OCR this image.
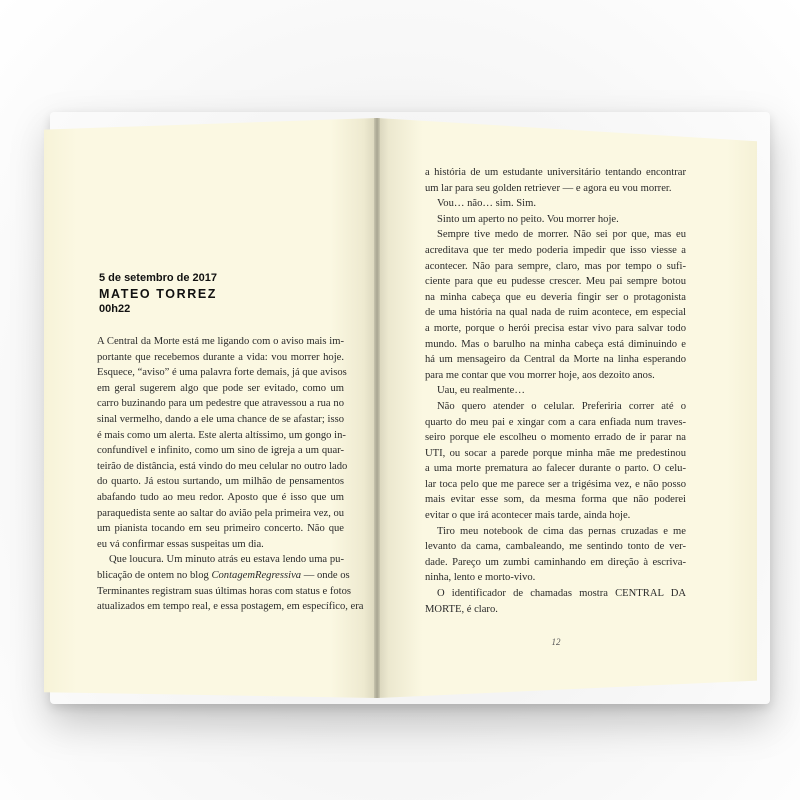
5 de setembro de 2017
MATEO TORREZ
00h22
A Central da Morte está me ligando com o aviso mais im-
portante que recebemos durante a vida: vou morrer hoje.
Esquece, “aviso” é uma palavra forte demais, já que avisos
em geral sugerem algo que pode ser evitado, como um
carro buzinando para um pedestre que atravessou a rua no
sinal vermelho, dando a ele uma chance de se afastar; isso
é mais como um alerta. Este alerta altíssimo, um gongo in-
confundível e infinito, como um sino de igreja a um quar-
teirão de distância, está vindo do meu celular no outro lado
do quarto. Já estou surtando, um milhão de pensamentos
abafando tudo ao meu redor. Aposto que é isso que um
paraquedista sente ao saltar do avião pela primeira vez, ou
um pianista tocando em seu primeiro concerto. Não que
eu vá confirmar essas suspeitas um dia.
Que loucura. Um minuto atrás eu estava lendo uma pu-
blicação de ontem no blog ContagemRegressiva — onde os
Terminantes registram suas últimas horas com status e fotos
atualizados em tempo real, e essa postagem, em específico, era
a história de um estudante universitário tentando encontrar
um lar para seu golden retriever — e agora eu vou morrer.
Vou… não… sim. Sim.
Sinto um aperto no peito. Vou morrer hoje.
Sempre tive medo de morrer. Não sei por que, mas eu
acreditava que ter medo poderia impedir que isso viesse a
acontecer. Não para sempre, claro, mas por tempo o sufi-
ciente para que eu pudesse crescer. Meu pai sempre botou
na minha cabeça que eu deveria fingir ser o protagonista
de uma história na qual nada de ruim acontece, em especial
a morte, porque o herói precisa estar vivo para salvar todo
mundo. Mas o barulho na minha cabeça está diminuindo e
há um mensageiro da Central da Morte na linha esperando
para me contar que vou morrer hoje, aos dezoito anos.
Uau, eu realmente…
Não quero atender o celular. Preferiria correr até o
quarto do meu pai e xingar com a cara enfiada num traves-
seiro porque ele escolheu o momento errado de ir parar na
UTI, ou socar a parede porque minha mãe me predestinou
a uma morte prematura ao falecer durante o parto. O celu-
lar toca pelo que me parece ser a trigésima vez, e não posso
mais evitar esse som, da mesma forma que não poderei
evitar o que irá acontecer mais tarde, ainda hoje.
Tiro meu notebook de cima das pernas cruzadas e me
levanto da cama, cambaleando, me sentindo tonto de ver-
dade. Pareço um zumbi caminhando em direção à escriva-
ninha, lento e morto-vivo.
O identificador de chamadas mostra CENTRAL DA
MORTE, é claro.
12
